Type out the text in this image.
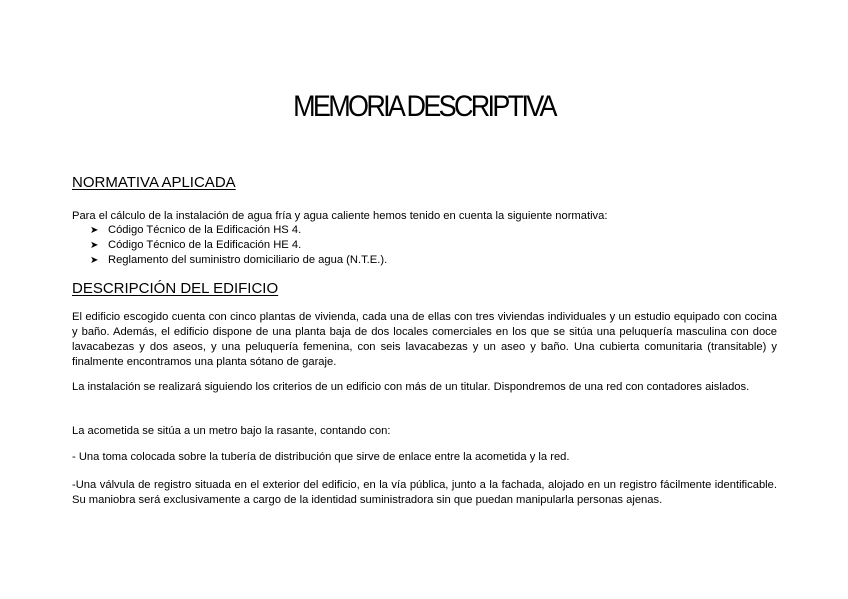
MEMORIA DESCRIPTIVA
NORMATIVA APLICADA

Para el cálculo de la instalación de agua fría y agua caliente hemos tenido en cuenta la siguiente normativa:

➤ Código Técnico de la Edificación HS 4.
➤ Código Técnico de la Edificación HE 4.
➤ Reglamento del suministro domiciliario de agua (N.T.E.).
DESCRIPCIÓN DEL EDIFICIO

El edificio escogido cuenta con cinco plantas de vivienda, cada una de ellas con tres viviendas individuales y un estudio equipado con cocina y baño. Además, el edificio dispone de una planta baja de dos locales comerciales en los que se sitúa una peluquería masculina con doce lavacabezas y dos aseos, y una peluquería femenina, con seis lavacabezas y un aseo y baño. Una cubierta comunitaria (transitable) y finalmente encontramos una planta sótano de garaje.

La instalación se realizará siguiendo los criterios de un edificio con más de un titular. Dispondremos de una red con contadores aislados.

La acometida se sitúa a un metro bajo la rasante, contando con:

- Una toma colocada sobre la tubería de distribución que sirve de enlace entre la acometida y la red.

-Una válvula de registro situada en el exterior del edificio, en la vía pública, junto a la fachada, alojado en un registro fácilmente identificable. Su maniobra será exclusivamente a cargo de la identidad suministradora sin que puedan manipularla personas ajenas.
